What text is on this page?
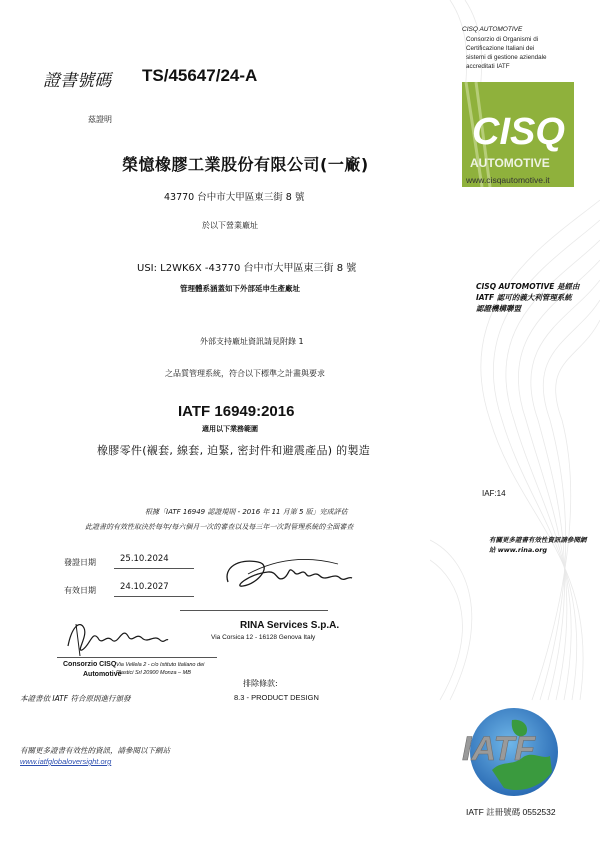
證書號碼 TS/45647/24-A
茲證明
榮憶橡膠工業股份有限公司(一廠)
43770 台中市大甲區東三街 8 號
於以下營業廠址
USI: L2WK6X -43770 台中市大甲區東三街 8 號
管理體系涵蓋如下外部延申生產廠址
外部支持廠址資訊請見附錄 1
之品質管理系統，符合以下標準之計畫與要求
IATF 16949:2016
適用以下業務範圍
橡膠零件(襯套, 線套, 迫緊, 密封件和避震產品) 的製造
根據「IATF 16949 認證規則 - 2016 年 11 月第 5 版」完成評估
此證書的有效性取決於每年/每六個月一次的審查以及每三年一次對管理系統的全面審查
發證日期	25.10.2024
有效日期	24.10.2027
RINA Services S.p.A.
Via Corsica 12 - 16128 Genova Italy
Consorzio CISQ
Automotive
Via Vellela 2 - c/o Istituto Italiano dei
Plastici Srl 20900 Monza – MB
排除條款:
8.3 - PRODUCT DESIGN
本證書依 IATF 符合原則進行頒發
有關更多證書有效性的資訊，請參閱以下網站
www.iatfglobaloversight.org
CISQ AUTOMOTIVE
Consorzio di Organismi di
Certificazione Italiani dei
sistemi di gestione aziendale
accreditati IATF
CISQ
AUTOMOTIVE
www.cisqautomotive.it
CISQ AUTOMOTIVE 是經由
IATF 認可的義大利管理系統
認證機構聯盟
IAF:14
有關更多證書有效性資訊請參閱網
站 www.rina.org
IATF
IATF 註冊號碼 0552532
